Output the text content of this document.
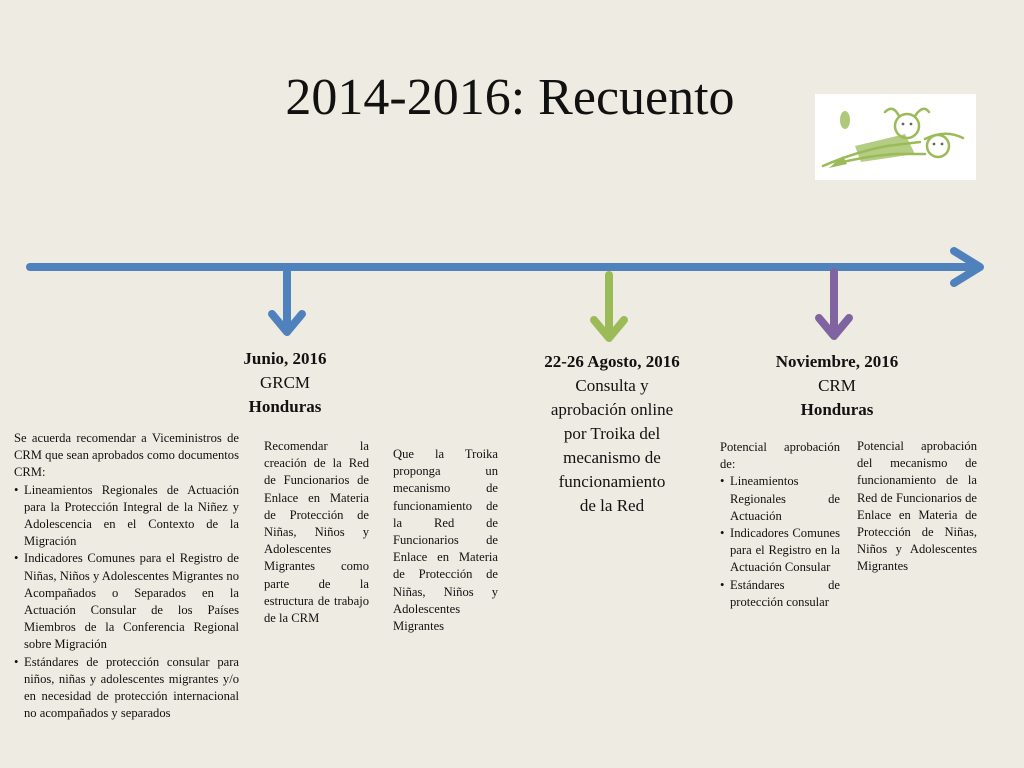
2014-2016: Recuento
Junio, 2016
GRCM
Honduras
22-26 Agosto, 2016
Consulta y
aprobación online
por Troika del
mecanismo de
funcionamiento
de la Red
Noviembre, 2016
CRM
Honduras
Se acuerda recomendar a Viceministros de CRM que sean aprobados como documentos CRM:
• Lineamientos Regionales de Actuación para la Protección Integral de la Niñez y Adolescencia en el Contexto de la Migración
• Indicadores Comunes para el Registro de Niñas, Niños y Adolescentes Migrantes no Acompañados o Separados en la Actuación Consular de los Países Miembros de la Conferencia Regional sobre Migración
• Estándares de protección consular para niños, niñas y adolescentes migrantes y/o en necesidad de protección internacional no acompañados y separados
Recomendar la creación de la Red de Funcionarios de Enlace en Materia de Protección de Niñas, Niños y Adolescentes Migrantes como parte de la estructura de trabajo de la CRM
Que la Troika proponga un mecanismo de funcionamiento de la Red de Funcionarios de Enlace en Materia de Protección de Niñas, Niños y Adolescentes Migrantes
Potencial aprobación de:
• Lineamientos Regionales de Actuación
• Indicadores Comunes para el Registro en la Actuación Consular
• Estándares de protección consular
Potencial aprobación del mecanismo de funcionamiento de la Red de Funcionarios de Enlace en Materia de Protección de Niñas, Niños y Adolescentes Migrantes
